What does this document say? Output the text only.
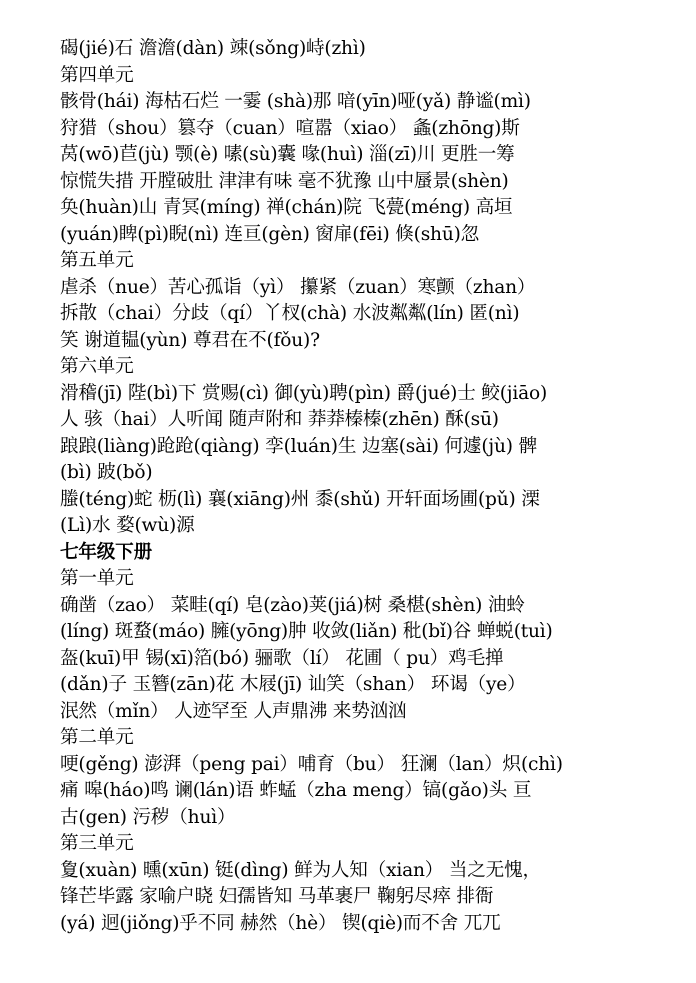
碣(jié)石 澹澹(dàn) 竦(sǒng)峙(zhì)
第四单元
骸骨(hái) 海枯石烂 一霎 (shà)那 喑(yīn)哑(yǎ) 静谧(mì)
狩猎（shou）篡夺（cuan）喧嚣（xiao） 螽(zhōng)斯
莴(wō)苣(jù) 颚(è) 嗉(sù)囊 喙(huì) 淄(zī)川 更胜一筹
惊慌失措 开膛破肚 津津有味 毫不犹豫 山中蜃景(shèn)
奂(huàn)山 青冥(míng) 禅(chán)院 飞甍(méng) 高垣
(yuán)睥(pì)睨(nì) 连亘(gèn) 窗扉(fēi) 倏(shū)忽
第五单元
虐杀（nue）苦心孤诣（yì） 攥紧（zuan）寒颤（zhan）
拆散（chai）分歧（qí）丫杈(chà) 水波粼粼(lín) 匿(nì)
笑 谢道韫(yùn) 尊君在不(fǒu)?
第六单元
滑稽(jī) 陛(bì)下 赏赐(cì) 御(yù)聘(pìn) 爵(jué)士 鲛(jiāo)
人 骇（hai）人听闻 随声附和 莽莽榛榛(zhēn) 酥(sū)
踉踉(liàng)跄跄(qiàng) 孪(luán)生 边塞(sài) 何遽(jù) 髀
(bì) 跛(bǒ)
螣(téng)蛇 枥(lì) 襄(xiāng)州 黍(shǔ) 开轩面场圃(pǔ) 溧
(Lì)水 婺(wù)源
七年级下册
第一单元
确凿（zao） 菜畦(qí) 皂(zào)荚(jiá)树 桑椹(shèn) 油蛉
(líng) 斑蝥(máo) 臃(yōng)肿 收敛(liǎn) 秕(bǐ)谷 蝉蜕(tuì)
盔(kuī)甲 锡(xī)箔(bó) 骊歌（lí） 花圃（ pu）鸡毛掸
(dǎn)子 玉簪(zān)花 木屐(jī) 讪笑（shan） 环谒（ye）
泯然（mǐn） 人迹罕至 人声鼎沸 来势汹汹
第二单元
哽(gěng) 澎湃（peng pai）哺育（bu） 狂澜（lan）炽(chì)
痛 嗥(háo)鸣 谰(lán)语 蚱蜢（zha meng）镐(gǎo)头 亘
古(gen) 污秽（huì）
第三单元
夐(xuàn) 曛(xūn) 铤(dìng) 鲜为人知（xian） 当之无愧，
锋芒毕露 家喻户晓 妇孺皆知 马革裹尸 鞠躬尽瘁 排衙
(yá) 迥(jiǒng)乎不同 赫然（hè） 锲(qiè)而不舍 兀兀
